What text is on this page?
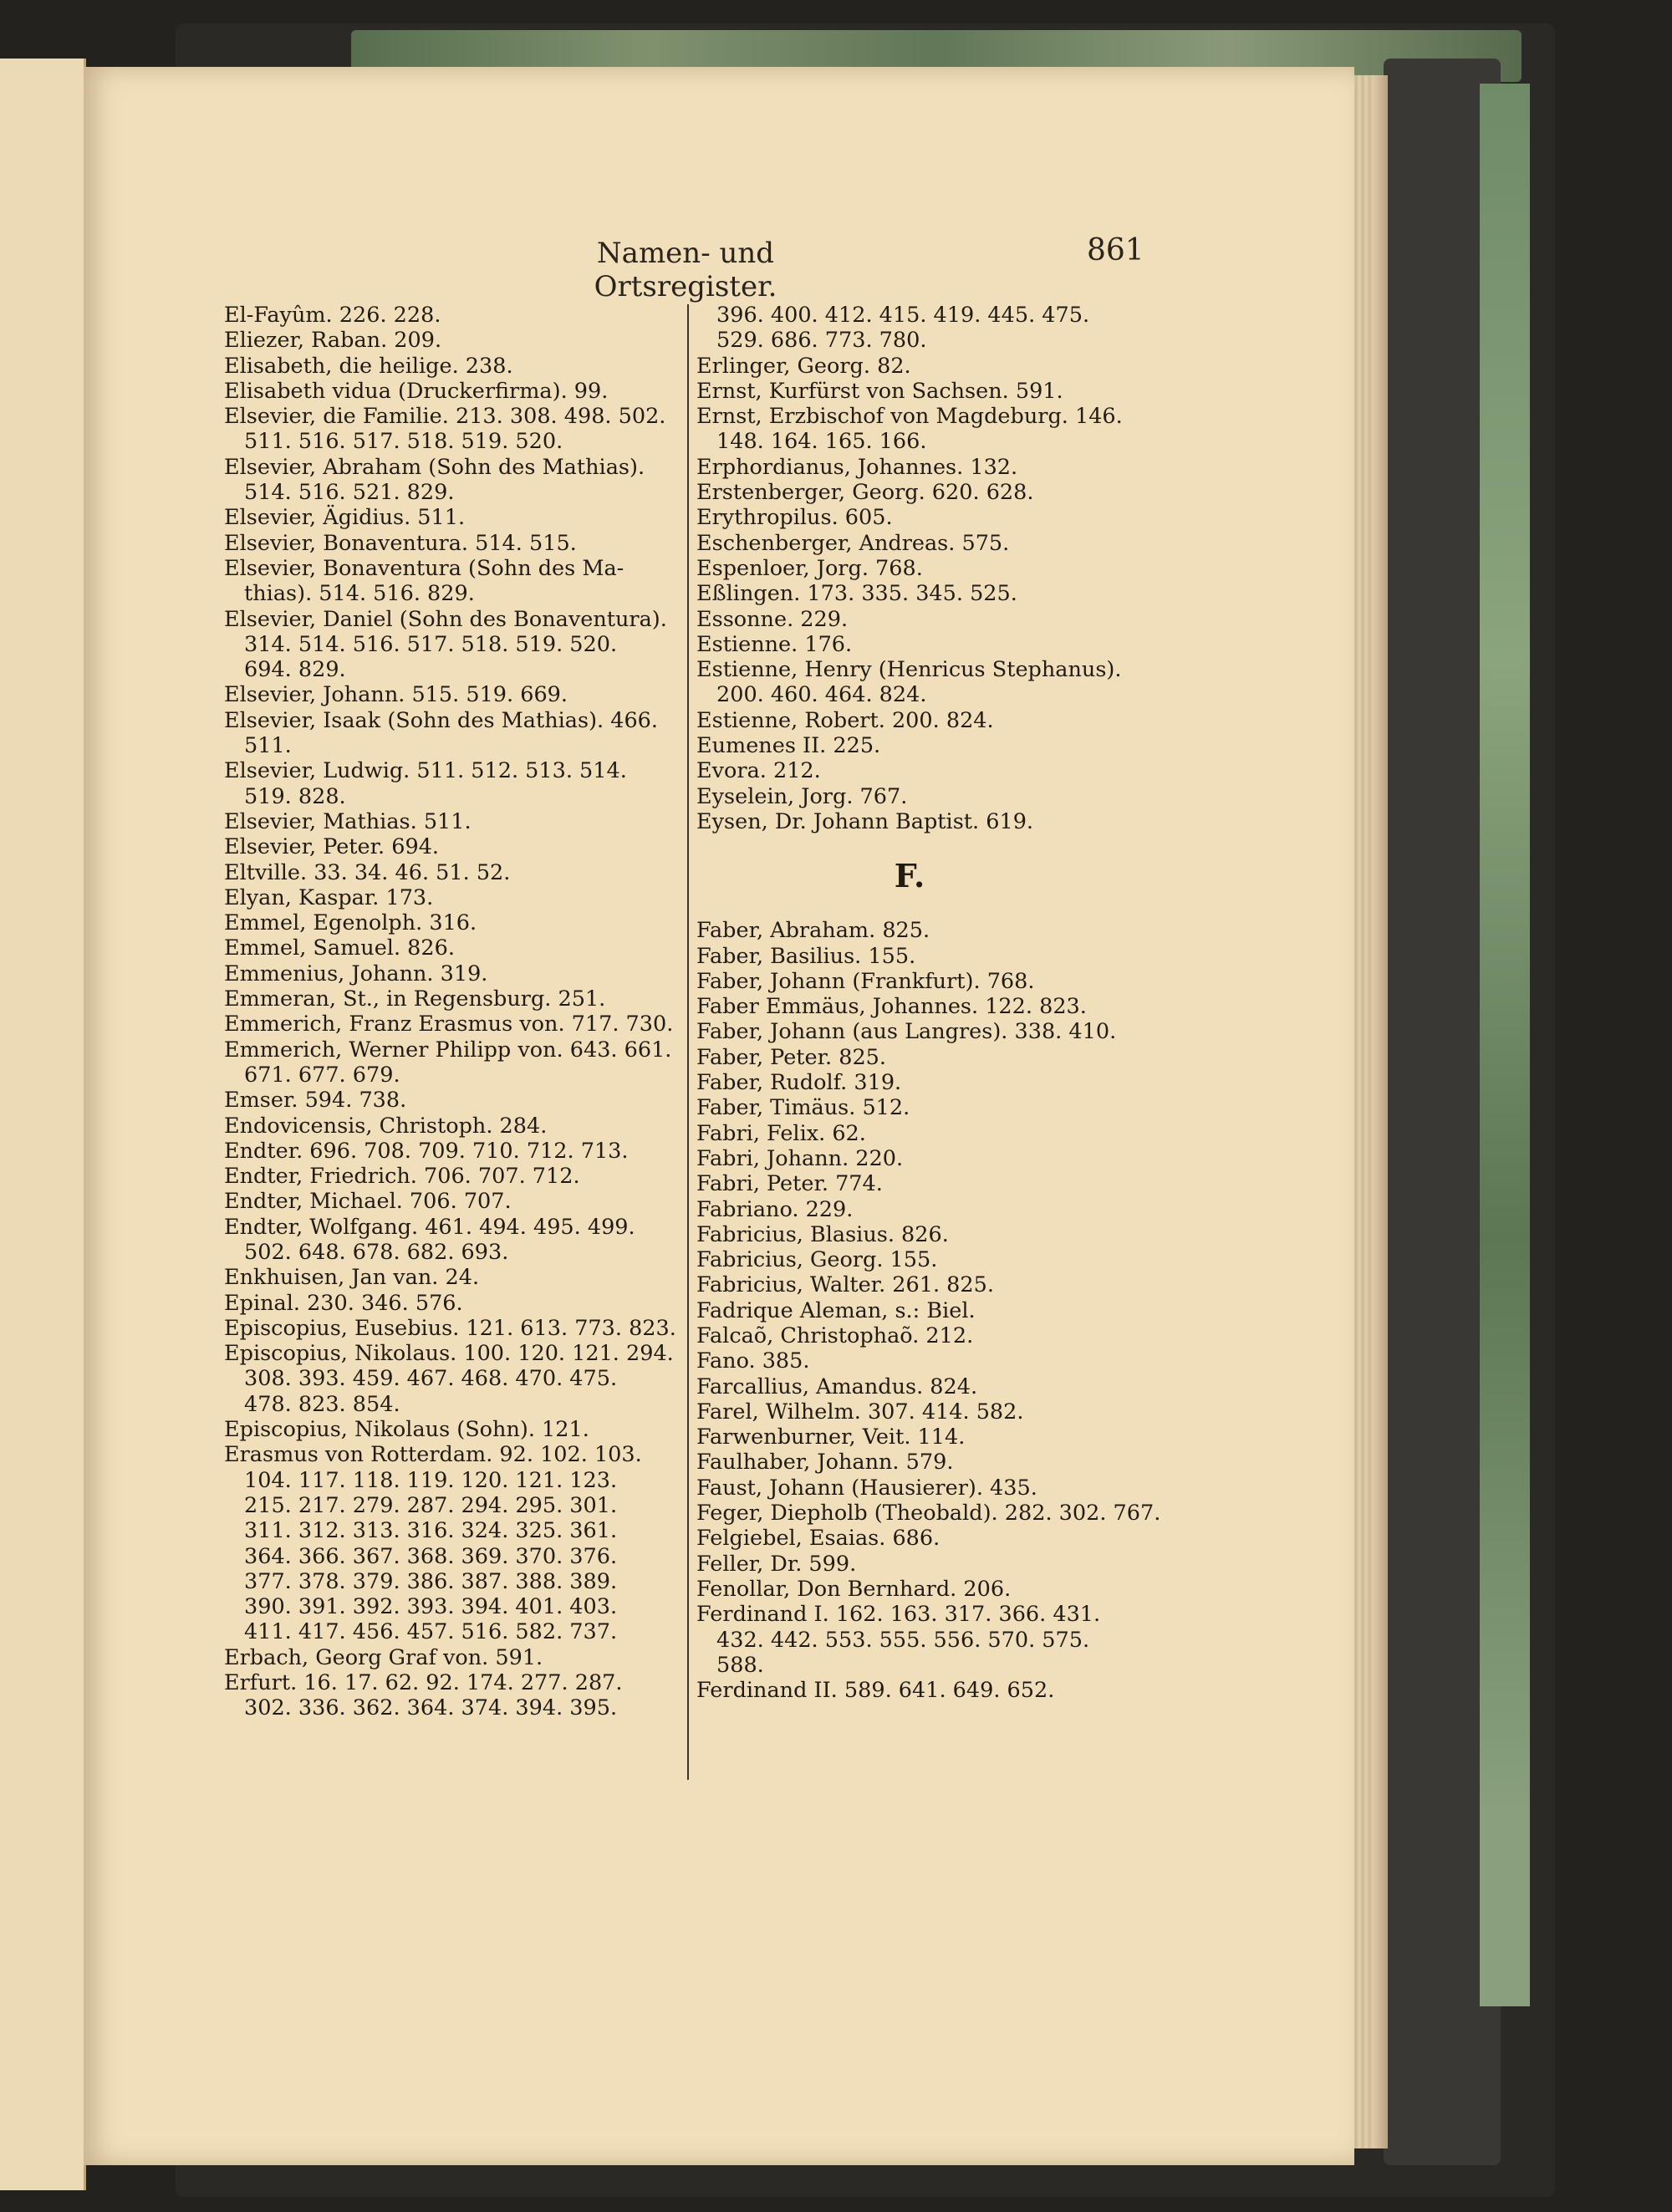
Namen- und Ortsregister.
861
El-Fayûm. 226. 228.
Eliezer, Raban. 209.
Elisabeth, die heilige. 238.
Elisabeth vidua (Druckerfirma). 99.
Elsevier, die Familie. 213. 308. 498. 502.
511. 516. 517. 518. 519. 520.
Elsevier, Abraham (Sohn des Mathias).
514. 516. 521. 829.
Elsevier, Ägidius. 511.
Elsevier, Bonaventura. 514. 515.
Elsevier, Bonaventura (Sohn des Ma-
thias). 514. 516. 829.
Elsevier, Daniel (Sohn des Bonaventura).
314. 514. 516. 517. 518. 519. 520.
694. 829.
Elsevier, Johann. 515. 519. 669.
Elsevier, Isaak (Sohn des Mathias). 466.
511.
Elsevier, Ludwig. 511. 512. 513. 514.
519. 828.
Elsevier, Mathias. 511.
Elsevier, Peter. 694.
Eltville. 33. 34. 46. 51. 52.
Elyan, Kaspar. 173.
Emmel, Egenolph. 316.
Emmel, Samuel. 826.
Emmenius, Johann. 319.
Emmeran, St., in Regensburg. 251.
Emmerich, Franz Erasmus von. 717. 730.
Emmerich, Werner Philipp von. 643. 661.
671. 677. 679.
Emser. 594. 738.
Endovicensis, Christoph. 284.
Endter. 696. 708. 709. 710. 712. 713.
Endter, Friedrich. 706. 707. 712.
Endter, Michael. 706. 707.
Endter, Wolfgang. 461. 494. 495. 499.
502. 648. 678. 682. 693.
Enkhuisen, Jan van. 24.
Epinal. 230. 346. 576.
Episcopius, Eusebius. 121. 613. 773. 823.
Episcopius, Nikolaus. 100. 120. 121. 294.
308. 393. 459. 467. 468. 470. 475.
478. 823. 854.
Episcopius, Nikolaus (Sohn). 121.
Erasmus von Rotterdam. 92. 102. 103.
104. 117. 118. 119. 120. 121. 123.
215. 217. 279. 287. 294. 295. 301.
311. 312. 313. 316. 324. 325. 361.
364. 366. 367. 368. 369. 370. 376.
377. 378. 379. 386. 387. 388. 389.
390. 391. 392. 393. 394. 401. 403.
411. 417. 456. 457. 516. 582. 737.
Erbach, Georg Graf von. 591.
Erfurt. 16. 17. 62. 92. 174. 277. 287.
302. 336. 362. 364. 374. 394. 395.
396. 400. 412. 415. 419. 445. 475.
529. 686. 773. 780.
Erlinger, Georg. 82.
Ernst, Kurfürst von Sachsen. 591.
Ernst, Erzbischof von Magdeburg. 146.
148. 164. 165. 166.
Erphordianus, Johannes. 132.
Erstenberger, Georg. 620. 628.
Erythropilus. 605.
Eschenberger, Andreas. 575.
Espenloer, Jorg. 768.
Eßlingen. 173. 335. 345. 525.
Essonne. 229.
Estienne. 176.
Estienne, Henry (Henricus Stephanus).
200. 460. 464. 824.
Estienne, Robert. 200. 824.
Eumenes II. 225.
Evora. 212.
Eyselein, Jorg. 767.
Eysen, Dr. Johann Baptist. 619.
F.
Faber, Abraham. 825.
Faber, Basilius. 155.
Faber, Johann (Frankfurt). 768.
Faber Emmäus, Johannes. 122. 823.
Faber, Johann (aus Langres). 338. 410.
Faber, Peter. 825.
Faber, Rudolf. 319.
Faber, Timäus. 512.
Fabri, Felix. 62.
Fabri, Johann. 220.
Fabri, Peter. 774.
Fabriano. 229.
Fabricius, Blasius. 826.
Fabricius, Georg. 155.
Fabricius, Walter. 261. 825.
Fadrique Aleman, s.: Biel.
Falcaõ, Christophaõ. 212.
Fano. 385.
Farcallius, Amandus. 824.
Farel, Wilhelm. 307. 414. 582.
Farwenburner, Veit. 114.
Faulhaber, Johann. 579.
Faust, Johann (Hausierer). 435.
Feger, Diepholb (Theobald). 282. 302. 767.
Felgiebel, Esaias. 686.
Feller, Dr. 599.
Fenollar, Don Bernhard. 206.
Ferdinand I. 162. 163. 317. 366. 431.
432. 442. 553. 555. 556. 570. 575.
588.
Ferdinand II. 589. 641. 649. 652.
